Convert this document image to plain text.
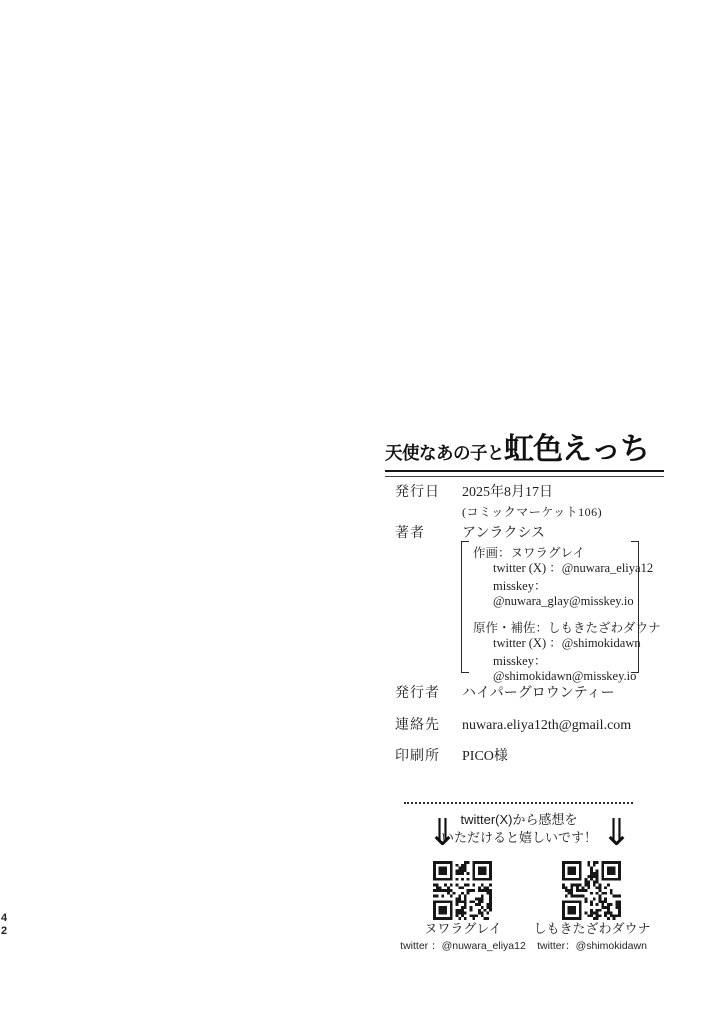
4
2
天使なあの子と 虹色えっち
発行日 2025年8月17日
(コミックマーケット106)
著者	アンラクシス
作画：ヌワラグレイ
twitter (X) ：@nuwara_eliya12
misskey：
@nuwara_glay@misskey.io
原作・補佐：しもきたざわダウナ
twitter (X) ：@shimokidawn
misskey：
@shimokidawn@misskey.io
発行者 ハイパーグロウンティー
連絡先 nuwara.eliya12th@gmail.com
印刷所 PICO様
twitter(X)から感想を
いただけると嬉しいです！
⇓	⇓
ヌワラグレイ
twitter ：@nuwara_eliya12
しもきたざわダウナ
twitter：@shimokidawn
